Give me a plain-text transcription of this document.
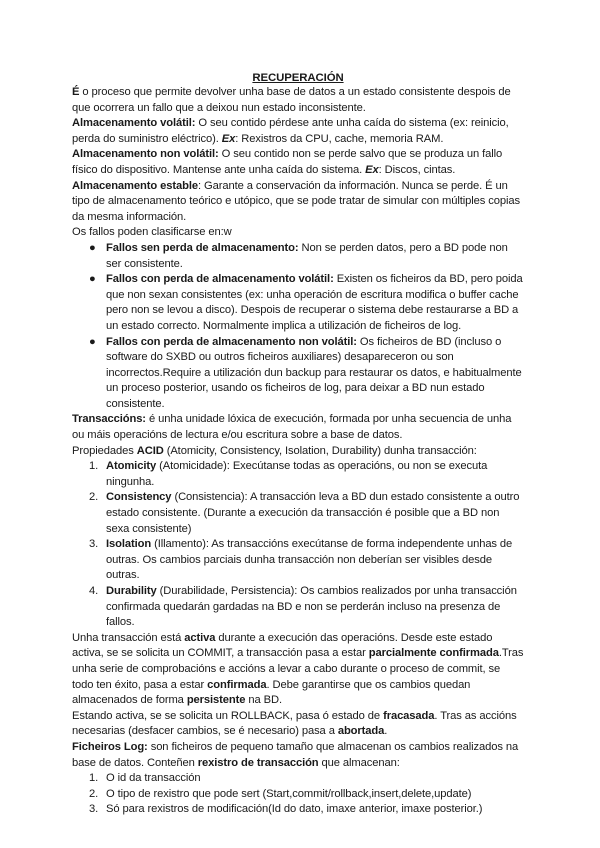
RECUPERACIÓN

É o proceso que permite devolver unha base de datos a un estado consistente despois de que ocorrera un fallo que a deixou nun estado inconsistente.

Almacenamento volátil: O seu contido pérdese ante unha caída do sistema (ex: reinicio, perda do suministro eléctrico). Ex: Rexistros da CPU, cache, memoria RAM.

Almacenamento non volátil: O seu contido non se perde salvo que se produza un fallo físico do dispositivo. Mantense ante unha caída do sistema. Ex: Discos, cintas.

Almacenamento estable: Garante a conservación da información. Nunca se perde. É un tipo de almacenamento teórico e utópico, que se pode tratar de simular con múltiples copias da mesma información.

Os fallos poden clasificarse en:w

● Fallos sen perda de almacenamento: Non se perden datos, pero a BD pode non ser consistente.
● Fallos con perda de almacenamento volátil: Existen os ficheiros da BD, pero poida que non sexan consistentes (ex: unha operación de escritura modifica o buffer cache pero non se levou a disco). Despois de recuperar o sistema debe restaurarse a BD a un estado correcto. Normalmente implica a utilización de ficheiros de log.
● Fallos con perda de almacenamento non volátil: Os ficheiros de BD (incluso o software do SXBD ou outros ficheiros auxiliares) desapareceron ou son incorrectos.Require a utilización dun backup para restaurar os datos, e habitualmente un proceso posterior, usando os ficheiros de log, para deixar a BD nun estado consistente.

Transaccións: é unha unidade lóxica de execución, formada por unha secuencia de unha ou máis operacións de lectura e/ou escritura sobre a base de datos.

Propiedades ACID (Atomicity, Consistency, Isolation, Durability) dunha transacción:

1. Atomicity (Atomicidade): Execútanse todas as operacións, ou non se executa ningunha.
2. Consistency (Consistencia): A transacción leva a BD dun estado consistente a outro estado consistente. (Durante a execución da transacción é posible que a BD non sexa consistente)
3. Isolation (Illamento): As transaccións execútanse de forma independente unhas de outras. Os cambios parciais dunha transacción non deberían ser visibles desde outras.
4. Durability (Durabilidade, Persistencia): Os cambios realizados por unha transacción confirmada quedarán gardadas na BD e non se perderán incluso na presenza de fallos.

Unha transacción está activa durante a execución das operacións. Desde este estado activa, se se solicita un COMMIT, a transacción pasa a estar parcialmente confirmada.Tras unha serie de comprobacións e accións a levar a cabo durante o proceso de commit, se todo ten éxito, pasa a estar confirmada. Debe garantirse que os cambios quedan almacenados de forma persistente na BD.

Estando activa, se se solicita un ROLLBACK, pasa ó estado de fracasada. Tras as accións necesarias (desfacer cambios, se é necesario) pasa a abortada.

Ficheiros Log: son ficheiros de pequeno tamaño que almacenan os cambios realizados na base de datos. Conteñen rexistro de transacción que almacenan:

1. O id da transacción
2. O tipo de rexistro que pode sert (Start,commit/rollback,insert,delete,update)
3. Só para rexistros de modificación(Id do dato, imaxe anterior, imaxe posterior.)
